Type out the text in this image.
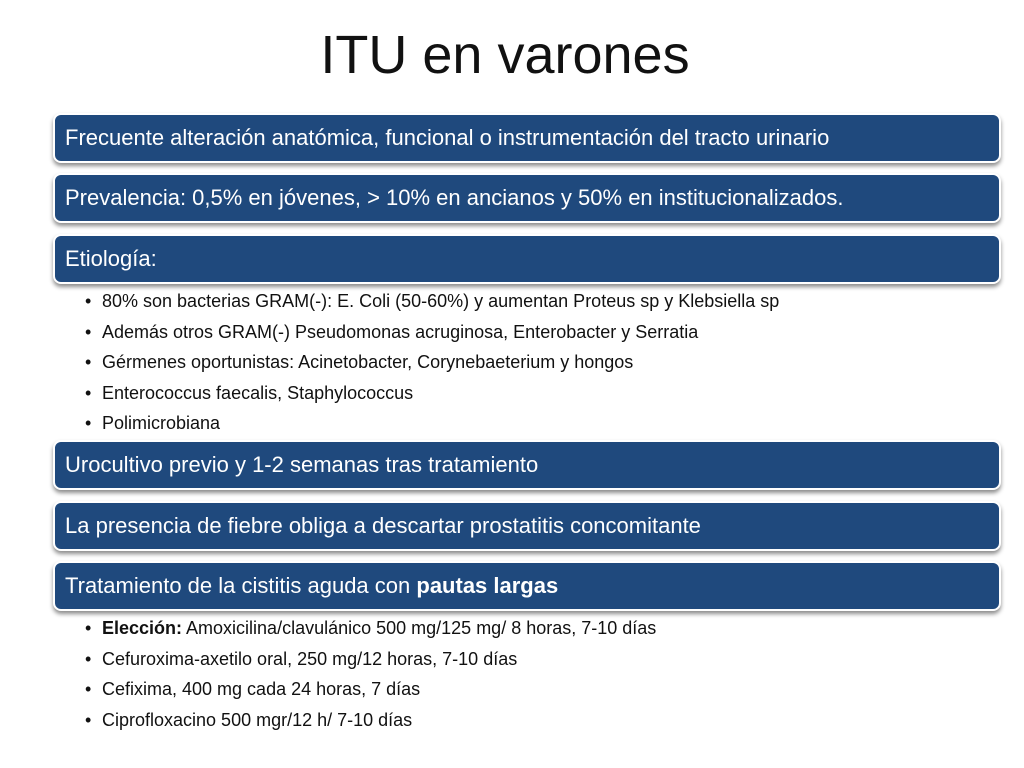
ITU en varones
Frecuente alteración anatómica, funcional o instrumentación del tracto urinario
Prevalencia: 0,5% en jóvenes, > 10% en ancianos y 50% en institucionalizados.
Etiología:
• 80% son bacterias GRAM(-): E. Coli (50-60%) y aumentan Proteus sp y Klebsiella sp
• Además otros GRAM(-) Pseudomonas acruginosa, Enterobacter y Serratia
• Gérmenes oportunistas: Acinetobacter, Corynebaeterium y hongos
• Enterococcus faecalis, Staphylococcus
• Polimicrobiana
Urocultivo previo y 1-2 semanas tras tratamiento
La presencia de fiebre obliga a descartar prostatitis concomitante
Tratamiento de la cistitis aguda con pautas largas
• Elección: Amoxicilina/clavulánico 500 mg/125 mg/ 8 horas, 7-10 días
• Cefuroxima-axetilo oral, 250 mg/12 horas, 7-10 días
• Cefixima, 400 mg cada 24 horas, 7 días
• Ciprofloxacino 500 mgr/12 h/ 7-10 días
